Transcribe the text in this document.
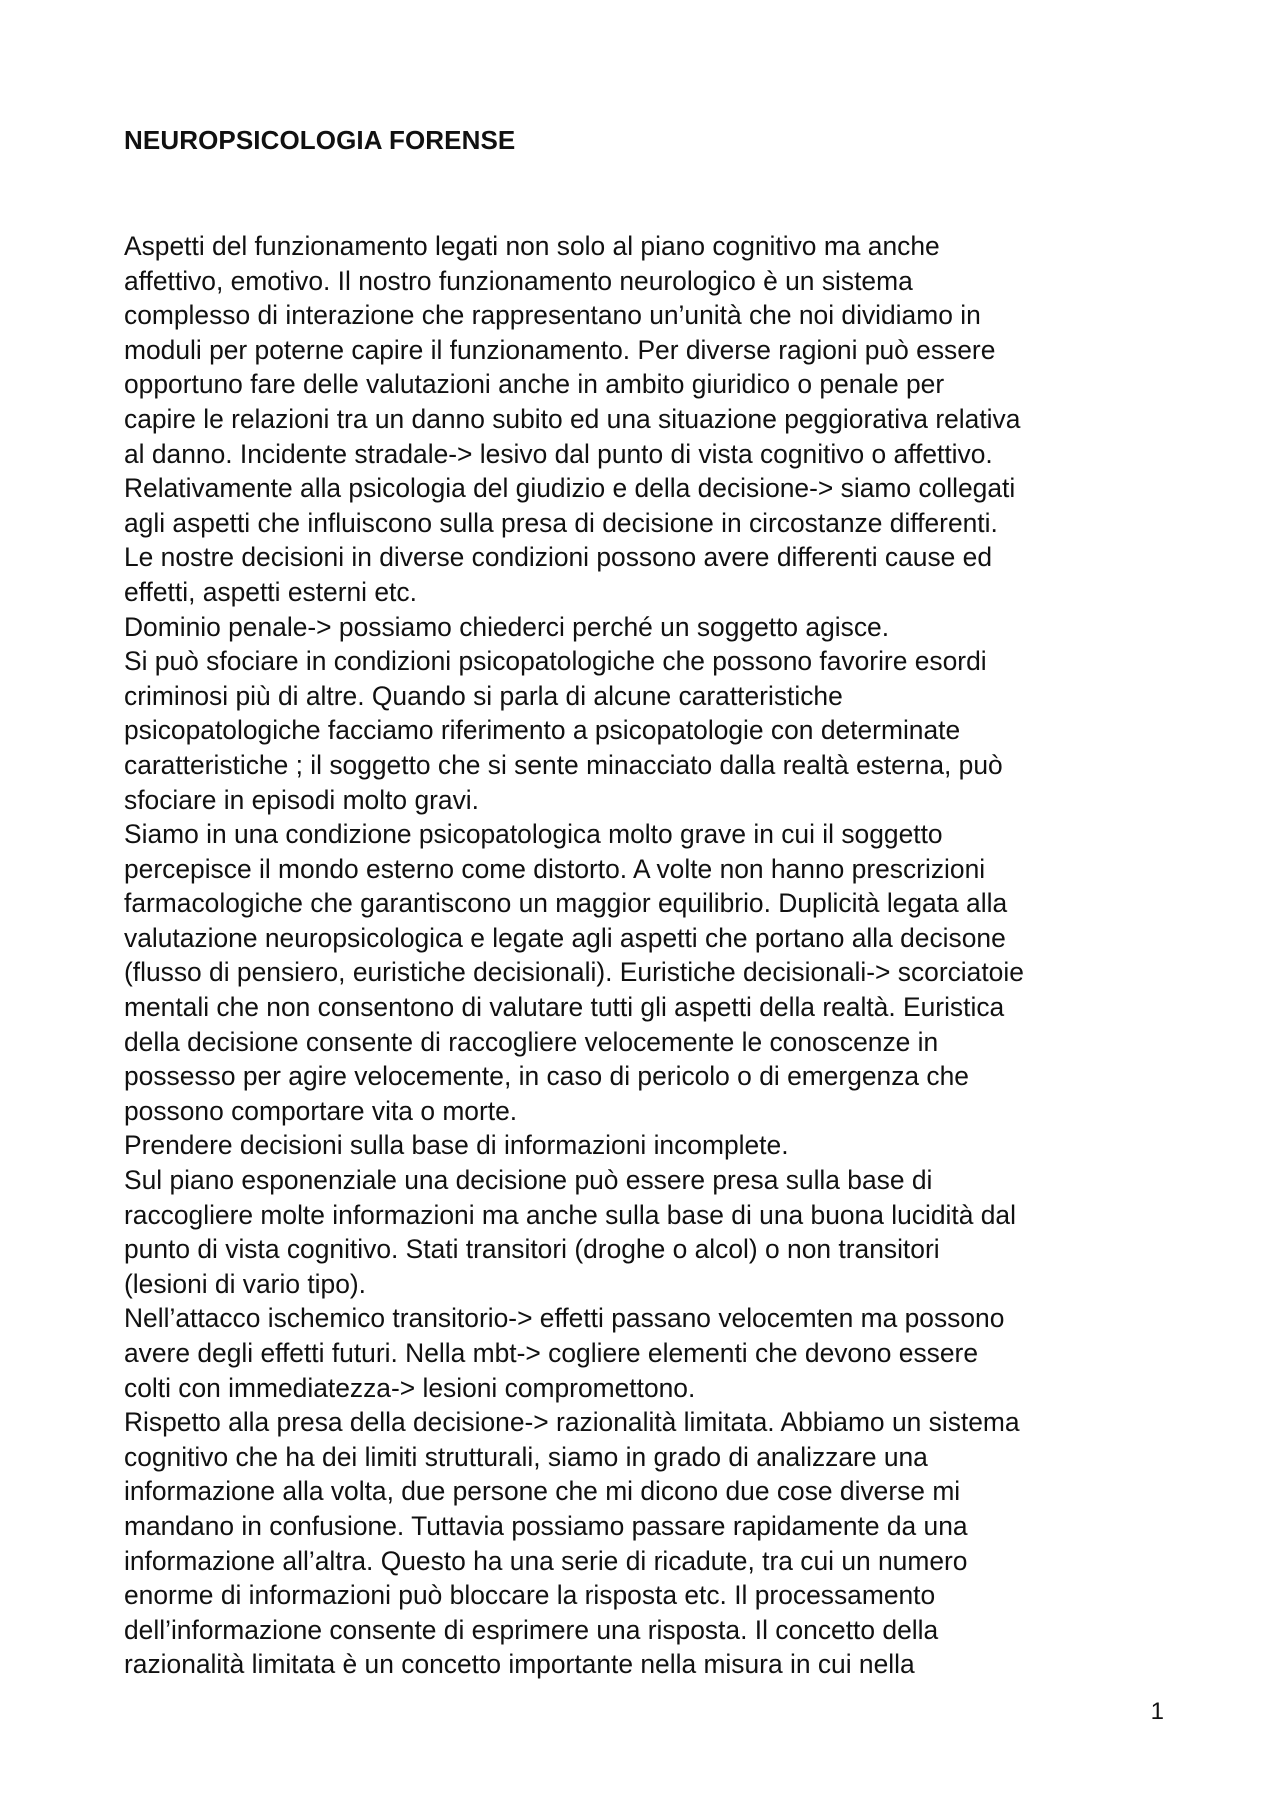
NEUROPSICOLOGIA FORENSE
Aspetti del funzionamento legati non solo al piano cognitivo ma anche
affettivo, emotivo. Il nostro funzionamento neurologico è un sistema
complesso di interazione che rappresentano un’unità che noi dividiamo in
moduli per poterne capire il funzionamento. Per diverse ragioni può essere
opportuno fare delle valutazioni anche in ambito giuridico o penale per
capire le relazioni tra un danno subito ed una situazione peggiorativa relativa
al danno. Incidente stradale-> lesivo dal punto di vista cognitivo o affettivo.
Relativamente alla psicologia del giudizio e della decisione-> siamo collegati
agli aspetti che influiscono sulla presa di decisione in circostanze differenti.
Le nostre decisioni in diverse condizioni possono avere differenti cause ed
effetti, aspetti esterni etc.
Dominio penale-> possiamo chiederci perché un soggetto agisce.
Si può sfociare in condizioni psicopatologiche che possono favorire esordi
criminosi più di altre. Quando si parla di alcune caratteristiche
psicopatologiche facciamo riferimento a psicopatologie con determinate
caratteristiche ; il soggetto che si sente minacciato dalla realtà esterna, può
sfociare in episodi molto gravi.
Siamo in una condizione psicopatologica molto grave in cui il soggetto
percepisce il mondo esterno come distorto. A volte non hanno prescrizioni
farmacologiche che garantiscono un maggior equilibrio. Duplicità legata alla
valutazione neuropsicologica e legate agli aspetti che portano alla decisone
(flusso di pensiero, euristiche decisionali). Euristiche decisionali-> scorciatoie
mentali che non consentono di valutare tutti gli aspetti della realtà. Euristica
della decisione consente di raccogliere velocemente le conoscenze in
possesso per agire velocemente, in caso di pericolo o di emergenza che
possono comportare vita o morte.
Prendere decisioni sulla base di informazioni incomplete.
Sul piano esponenziale una decisione può essere presa sulla base di
raccogliere molte informazioni ma anche sulla base di una buona lucidità dal
punto di vista cognitivo. Stati transitori (droghe o alcol) o non transitori
(lesioni di vario tipo).
Nell’attacco ischemico transitorio-> effetti passano velocemten ma possono
avere degli effetti futuri. Nella mbt-> cogliere elementi che devono essere
colti con immediatezza-> lesioni compromettono.
Rispetto alla presa della decisione-> razionalità limitata. Abbiamo un sistema
cognitivo che ha dei limiti strutturali, siamo in grado di analizzare una
informazione alla volta, due persone che mi dicono due cose diverse mi
mandano in confusione. Tuttavia possiamo passare rapidamente da una
informazione all’altra. Questo ha una serie di ricadute, tra cui un numero
enorme di informazioni può bloccare la risposta etc. Il processamento
dell’informazione consente di esprimere una risposta. Il concetto della
razionalità limitata è un concetto importante nella misura in cui nella
1
